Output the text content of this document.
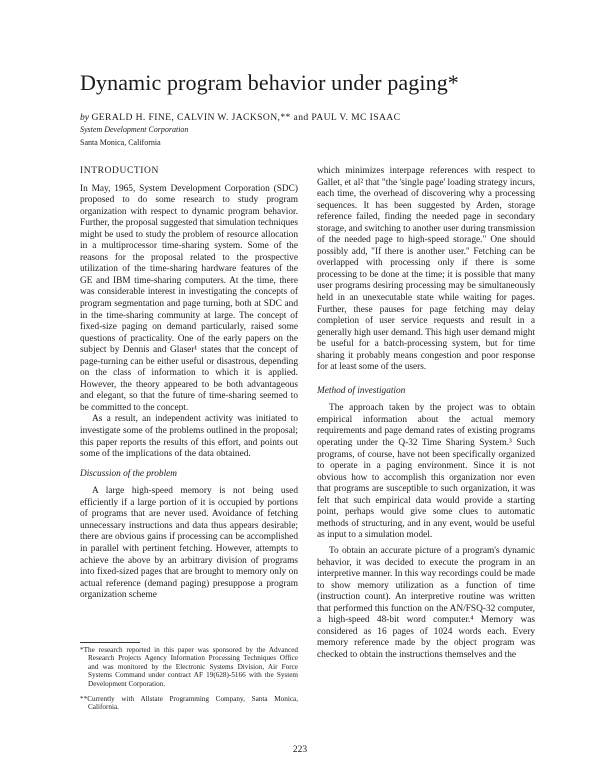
Dynamic program behavior under paging*
by GERALD H. FINE, CALVIN W. JACKSON,** and PAUL V. MC ISAAC
System Development Corporation
Santa Monica, California
INTRODUCTION

In May, 1965, System Development Corporation (SDC) proposed to do some research to study program organization with respect to dynamic program behavior. Further, the proposal suggested that simulation techniques might be used to study the problem of resource allocation in a multiprocessor time-sharing system. Some of the reasons for the proposal related to the prospective utilization of the time-sharing hardware features of the GE and IBM time-sharing computers. At the time, there was considerable interest in investigating the concepts of program segmentation and page turning, both at SDC and in the time-sharing community at large. The concept of fixed-size paging on demand particularly, raised some questions of practicality. One of the early papers on the subject by Dennis and Glaser¹ states that the concept of page-turning can be either useful or disastrous, depending on the class of information to which it is applied. However, the theory appeared to be both advantageous and elegant, so that the future of time-sharing seemed to be committed to the concept.

As a result, an independent activity was initiated to investigate some of the problems outlined in the proposal; this paper reports the results of this effort, and points out some of the implications of the data obtained.

Discussion of the problem

A large high-speed memory is not being used efficiently if a large portion of it is occupied by portions of programs that are never used. Avoidance of fetching unnecessary instructions and data thus appears desirable; there are obvious gains if processing can be accomplished in parallel with pertinent fetching. However, attempts to achieve the above by an arbitrary division of programs into fixed-sized pages that are brought to memory only on actual reference (demand paging) presuppose a program organization scheme

*The research reported in this paper was sponsored by the Advanced Research Projects Agency Information Processing Techniques Office and was monitored by the Electronic Systems Division, Air Force Systems Command under contract AF 19(628)-5166 with the System Development Corporation.
**Currently with Allstate Programming Company, Santa Monica, California.

which minimizes interpage references with respect to Gallet, et al² that "the 'single page' loading strategy incurs, each time, the overhead of discovering why a processing sequences. It has been suggested by Arden, storage reference failed, finding the needed page in secondary storage, and switching to another user during transmission of the needed page to high-speed storage." One should possibly add, "If there is another user." Fetching can be overlapped with processing only if there is some processing to be done at the time; it is possible that many user programs desiring processing may be simultaneously held in an unexecutable state while waiting for pages. Further, these pauses for page fetching may delay completion of user service requests and result in a generally high user demand. This high user demand might be useful for a batch-processing system, but for time sharing it probably means congestion and poor response for at least some of the users.

Method of investigation

The approach taken by the project was to obtain empirical information about the actual memory requirements and page demand rates of existing programs operating under the Q-32 Time Sharing System.³ Such programs, of course, have not been specifically organized to operate in a paging environment. Since it is not obvious how to accomplish this organization nor even that programs are susceptible to such organization, it was felt that such empirical data would provide a starting point, perhaps would give some clues to automatic methods of structuring, and in any event, would be useful as input to a simulation model.

To obtain an accurate picture of a program's dynamic behavior, it was decided to execute the program in an interpretive manner. In this way recordings could be made to show memory utilization as a function of time (instruction count). An interpretive routine was written that performed this function on the AN/FSQ-32 computer, a high-speed 48-bit word computer.⁴ Memory was considered as 16 pages of 1024 words each. Every memory reference made by the object program was checked to obtain the instructions themselves and the

223
